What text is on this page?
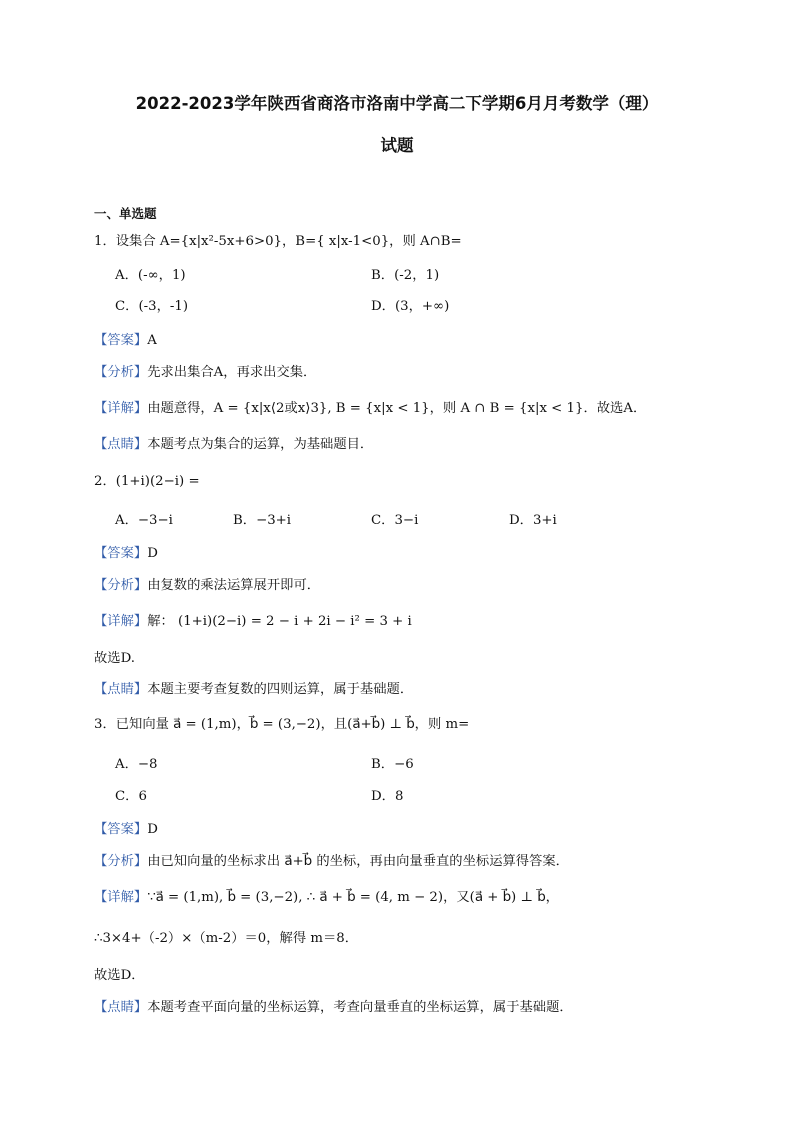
2022-2023学年陕西省商洛市洛南中学高二下学期6月月考数学（理）
试题
一、单选题
1．设集合 A={x|x²-5x+6>0}，B={ x|x-1<0}，则 A∩B=
A．(-∞，1)	B．(-2，1)
C．(-3，-1)	D．(3，+∞)
【答案】A
【分析】先求出集合A，再求出交集．
【详解】由题意得，A = {x|x⟨2或x⟩3}, B = {x|x < 1}，则 A ∩ B = {x|x < 1}．故选A．
【点睛】本题考点为集合的运算，为基础题目．
2．(1+i)(2−i) =
A．−3−i	B．−3+i	C．3−i	D．3+i
【答案】D
【分析】由复数的乘法运算展开即可．
【详解】解： (1+i)(2−i) = 2 − i + 2i − i² = 3 + i
故选D.
【点睛】本题主要考查复数的四则运算，属于基础题．
3．已知向量 a⃗ = (1,m)，b⃗ = (3,−2)，且(a⃗+b⃗) ⊥ b⃗，则 m=
A．−8	B．−6
C．6	D．8
【答案】D
【分析】由已知向量的坐标求出 a⃗+b⃗ 的坐标，再由向量垂直的坐标运算得答案．
【详解】∵a⃗ = (1,m), b⃗ = (3,−2), ∴ a⃗ + b⃗ = (4, m − 2)，又(a⃗ + b⃗) ⊥ b⃗，
∴3×4+（-2）×（m-2）＝0，解得 m＝8．
故选D．
【点睛】本题考查平面向量的坐标运算，考查向量垂直的坐标运算，属于基础题．
